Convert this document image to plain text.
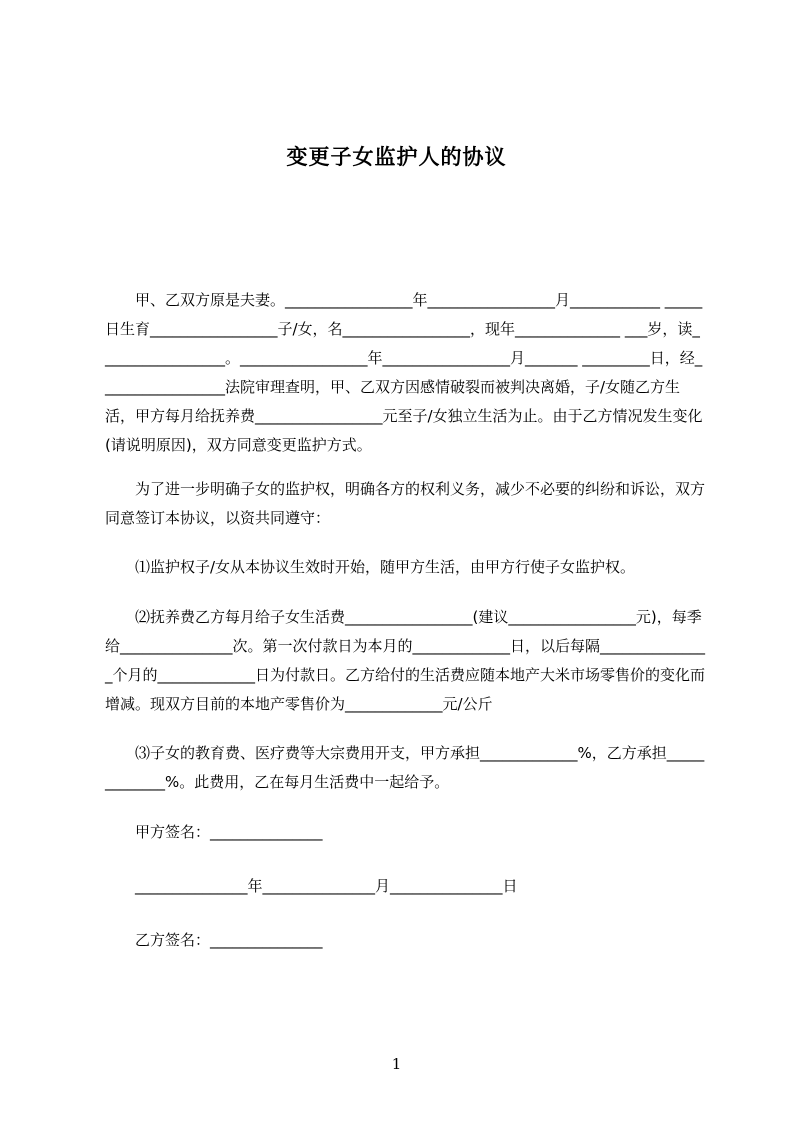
变更子女监护人的协议

　　甲、乙双方原是夫妻。_________________年_________________月____________ _____日生育_________________子/女，名_________________，现年______________ ___岁，读_________________。_________________年_________________月_______ _________日，经_________________法院审理查明，甲、乙双方因感情破裂而被判决离婚，子/女随乙方生活，甲方每月给抚养费_________________元至子/女独立生活为止。由于乙方情况发生变化(请说明原因)，双方同意变更监护方式。

　　为了进一步明确子女的监护权，明确各方的权利义务，减少不必要的纠纷和诉讼，双方同意签订本协议，以资共同遵守：

　　⑴监护权子/女从本协议生效时开始，随甲方生活，由甲方行使子女监护权。

　　⑵抚养费乙方每月给子女生活费_________________(建议_________________元)，每季给_______________次。第一次付款日为本月的_____________日，以后每隔_______________个月的_____________日为付款日。乙方给付的生活费应随本地产大米市场零售价的变化而增减。现双方目前的本地产零售价为_____________元/公斤

　　⑶子女的教育费、医疗费等大宗费用开支，甲方承担_____________%，乙方承担_____________%。此费用，乙在每月生活费中一起给予。

甲方签名：_______________
_______________年_______________月_______________日
乙方签名：_______________
1
